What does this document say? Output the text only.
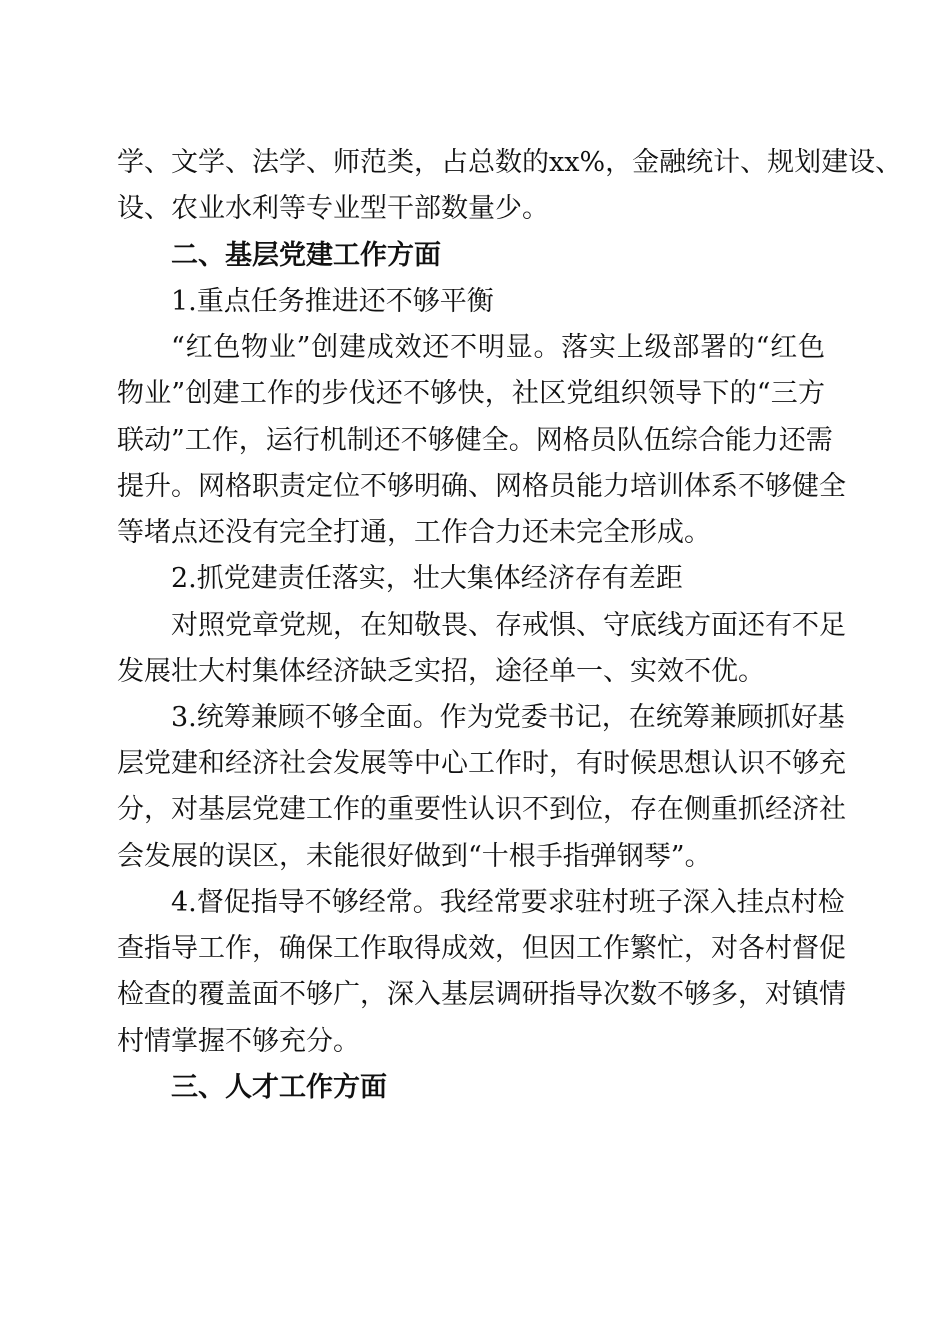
学、文学、法学、师范类，占总数的xx%，金融统计、规划建设、
设、农业水利等专业型干部数量少。
二、基层党建工作方面
1.重点任务推进还不够平衡
“红色物业”创建成效还不明显。落实上级部署的“红色
物业”创建工作的步伐还不够快，社区党组织领导下的“三方
联动”工作，运行机制还不够健全。网格员队伍综合能力还需
提升。网格职责定位不够明确、网格员能力培训体系不够健全
等堵点还没有完全打通，工作合力还未完全形成。
2.抓党建责任落实，壮大集体经济存有差距
对照党章党规，在知敬畏、存戒惧、守底线方面还有不足
发展壮大村集体经济缺乏实招，途径单一、实效不优。
3.统筹兼顾不够全面。作为党委书记，在统筹兼顾抓好基
层党建和经济社会发展等中心工作时，有时候思想认识不够充
分，对基层党建工作的重要性认识不到位，存在侧重抓经济社
会发展的误区，未能很好做到“十根手指弹钢琴”。
4.督促指导不够经常。我经常要求驻村班子深入挂点村检
查指导工作，确保工作取得成效，但因工作繁忙，对各村督促
检查的覆盖面不够广，深入基层调研指导次数不够多，对镇情
村情掌握不够充分。
三、人才工作方面
